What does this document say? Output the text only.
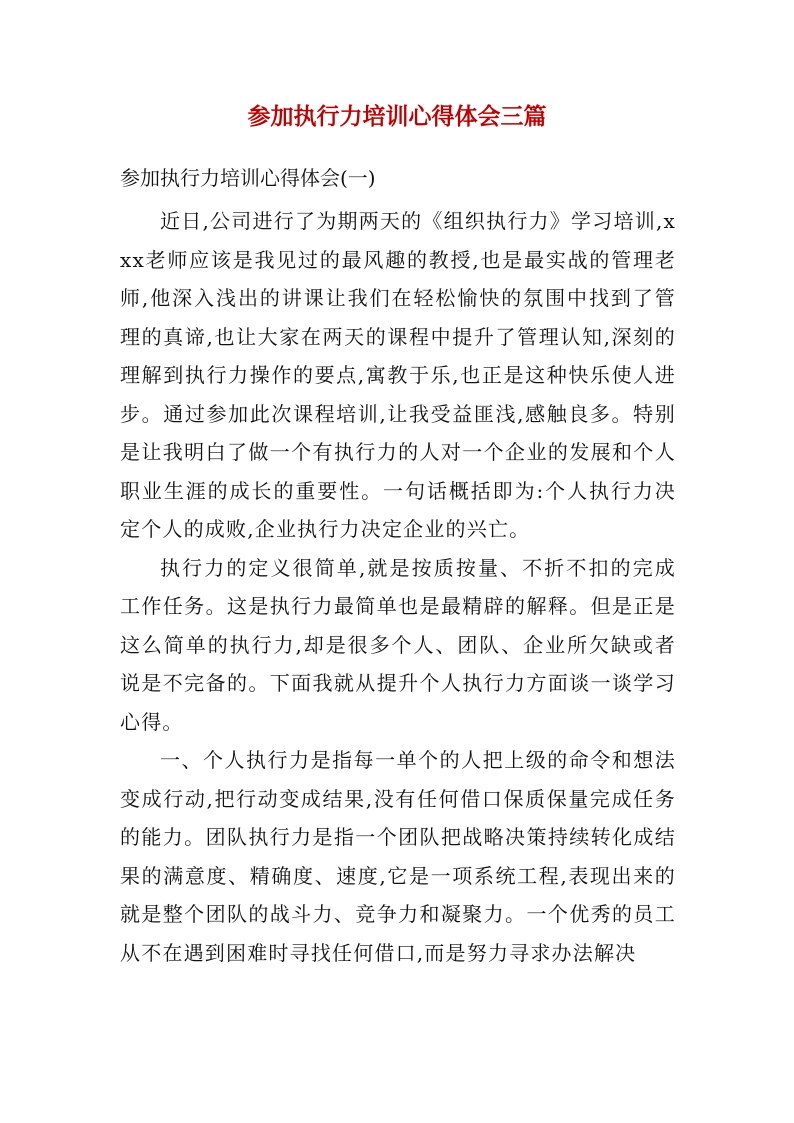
参加执行力培训心得体会三篇
参加执行力培训心得体会(一)

近日,公司进行了为期两天的《组织执行力》学习培训,xxx老师应该是我见过的最风趣的教授,也是最实战的管理老师,他深入浅出的讲课让我们在轻松愉快的氛围中找到了管理的真谛,也让大家在两天的课程中提升了管理认知,深刻的理解到执行力操作的要点,寓教于乐,也正是这种快乐使人进步。通过参加此次课程培训,让我受益匪浅,感触良多。特别是让我明白了做一个有执行力的人对一个企业的发展和个人职业生涯的成长的重要性。一句话概括即为:个人执行力决定个人的成败,企业执行力决定企业的兴亡。

执行力的定义很简单,就是按质按量、不折不扣的完成工作任务。这是执行力最简单也是最精辟的解释。但是正是这么简单的执行力,却是很多个人、团队、企业所欠缺或者说是不完备的。下面我就从提升个人执行力方面谈一谈学习心得。

一、个人执行力是指每一单个的人把上级的命令和想法变成行动,把行动变成结果,没有任何借口保质保量完成任务的能力。团队执行力是指一个团队把战略决策持续转化成结果的满意度、精确度、速度,它是一项系统工程,表现出来的就是整个团队的战斗力、竞争力和凝聚力。一个优秀的员工从不在遇到困难时寻找任何借口,而是努力寻求办法解决
